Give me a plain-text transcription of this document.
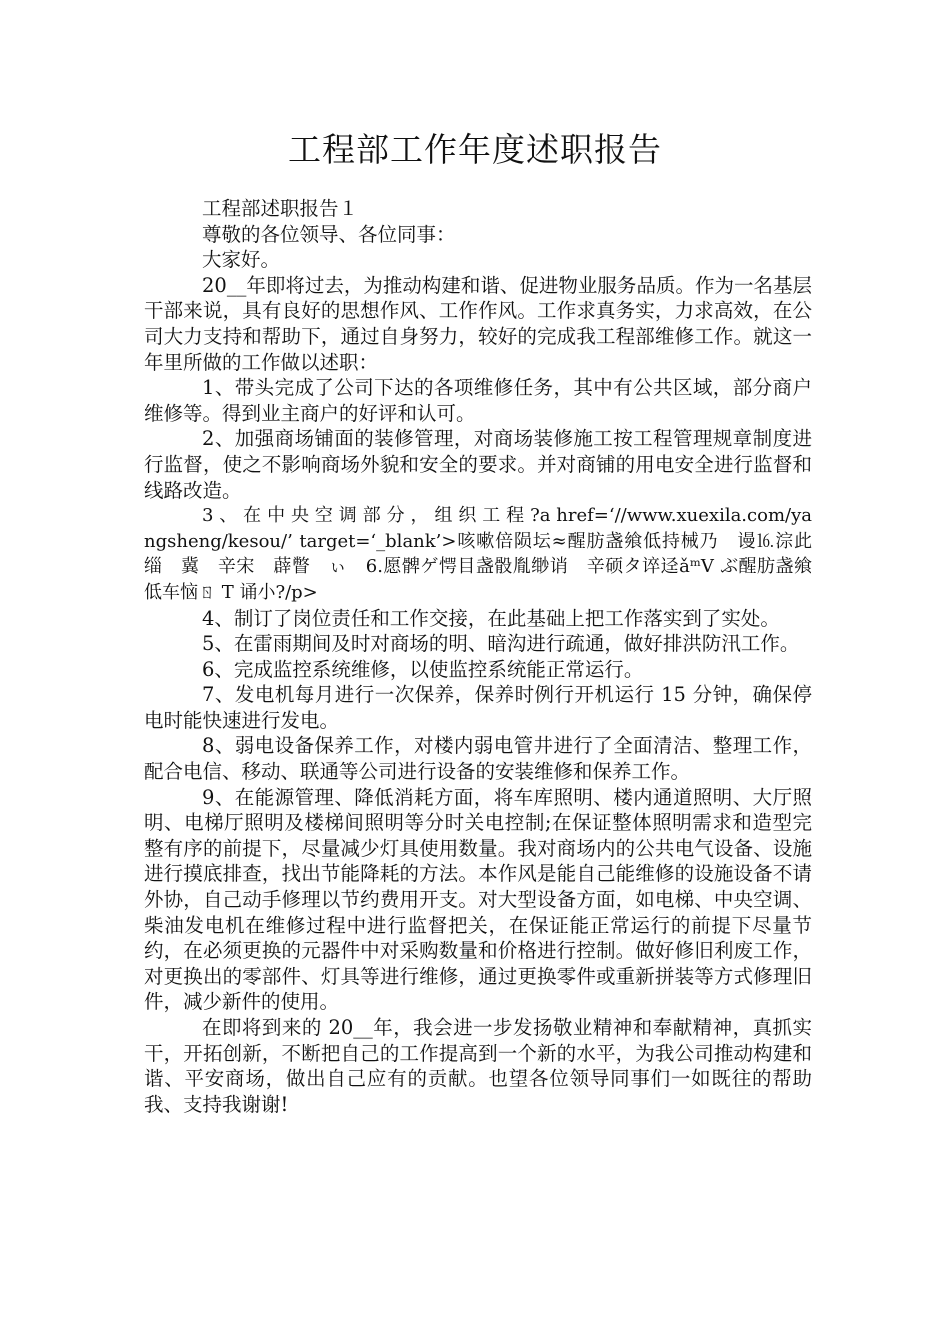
工程部工作年度述职报告

工程部述职报告１

尊敬的各位领导、各位同事：

大家好。

20__年即将过去，为推动构建和谐、促进物业服务品质。作为一名基层干部来说，具有良好的思想作风、工作作风。工作求真务实，力求高效，在公司大力支持和帮助下，通过自身努力，较好的完成我工程部维修工作。就这一年里所做的工作做以述职：

1、带头完成了公司下达的各项维修任务，其中有公共区域，部分商户维修等。得到业主商户的好评和认可。

2、加强商场铺面的装修管理，对商场装修施工按工程管理规章制度进行监督，使之不影响商场外貌和安全的要求。并对商铺的用电安全进行监督和线路改造。

3 、 在 中 央 空 调 部 分 ， 组 织 工 程 ?a href=‘//www.xuexila.com/yangsheng/kesou/’ target=‘_blank’>咳嗽倍陨坛≈醒肪盏飨低持械乃　谩⒗淙此缁　冀　辛宋　薜瞥　ぃ　6.愿髀ゲ愕目盏骰胤缈诮　辛硕タ谇迳ǎᵐV ぶ醒肪盏飨低车恼ㄖ T 诵小?/p>

4、制订了岗位责任和工作交接，在此基础上把工作落实到了实处。

5、在雷雨期间及时对商场的明、暗沟进行疏通，做好排洪防汛工作。

6、完成监控系统维修，以使监控系统能正常运行。

7、发电机每月进行一次保养，保养时例行开机运行 15 分钟，确保停电时能快速进行发电。

8、弱电设备保养工作，对楼内弱电管井进行了全面清洁、整理工作，配合电信、移动、联通等公司进行设备的安装维修和保养工作。

9、在能源管理、降低消耗方面，将车库照明、楼内通道照明、大厅照明、电梯厅照明及楼梯间照明等分时关电控制;在保证整体照明需求和造型完整有序的前提下，尽量减少灯具使用数量。我对商场内的公共电气设备、设施进行摸底排查，找出节能降耗的方法。本作风是能自己能维修的设施设备不请外协，自己动手修理以节约费用开支。对大型设备方面，如电梯、中央空调、柴油发电机在维修过程中进行监督把关，在保证能正常运行的前提下尽量节约，在必须更换的元器件中对采购数量和价格进行控制。做好修旧利废工作，对更换出的零部件、灯具等进行维修，通过更换零件或重新拼装等方式修理旧件，减少新件的使用。

在即将到来的 20__年，我会进一步发扬敬业精神和奉献精神，真抓实干，开拓创新，不断把自己的工作提高到一个新的水平，为我公司推动构建和谐、平安商场，做出自己应有的贡献。也望各位领导同事们一如既往的帮助我、支持我谢谢!
